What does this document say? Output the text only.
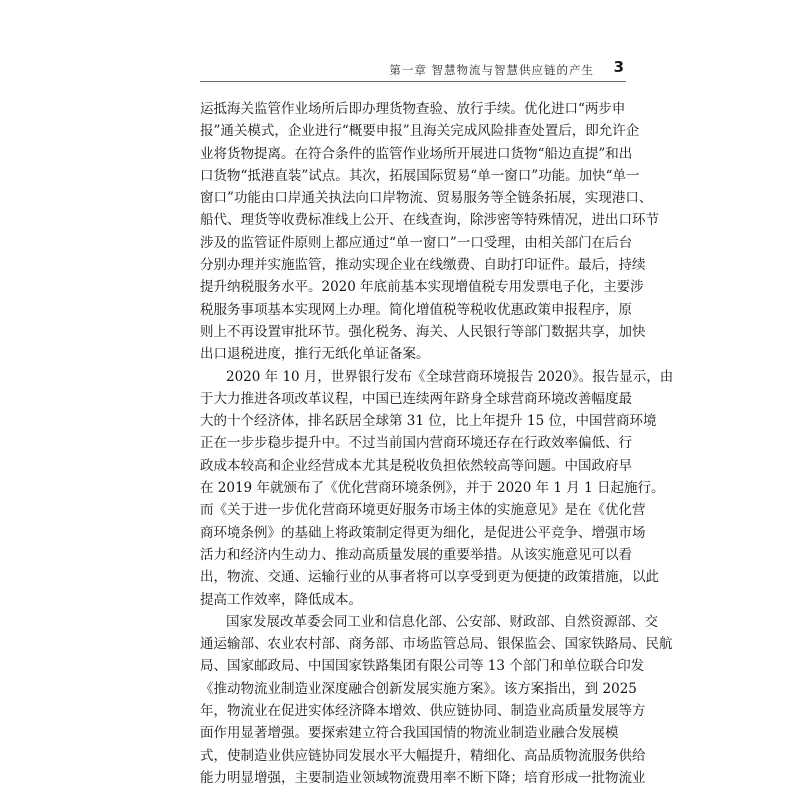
第一章 智慧物流与智慧供应链的产生 3
运抵海关监管作业场所后即办理货物查验、放行手续。优化进口“两步申
报”通关模式，企业进行“概要申报”且海关完成风险排查处置后，即允许企
业将货物提离。在符合条件的监管作业场所开展进口货物“船边直提”和出
口货物“抵港直装”试点。其次，拓展国际贸易“单一窗口”功能。加快“单一
窗口”功能由口岸通关执法向口岸物流、贸易服务等全链条拓展，实现港口、
船代、理货等收费标准线上公开、在线查询，除涉密等特殊情况，进出口环节
涉及的监管证件原则上都应通过“单一窗口”一口受理，由相关部门在后台
分别办理并实施监管，推动实现企业在线缴费、自助打印证件。最后，持续
提升纳税服务水平。2020 年底前基本实现增值税专用发票电子化，主要涉
税服务事项基本实现网上办理。简化增值税等税收优惠政策申报程序，原
则上不再设置审批环节。强化税务、海关、人民银行等部门数据共享，加快
出口退税进度，推行无纸化单证备案。
2020 年 10 月，世界银行发布《全球营商环境报告 2020》。报告显示，由
于大力推进各项改革议程，中国已连续两年跻身全球营商环境改善幅度最
大的十个经济体，排名跃居全球第 31 位，比上年提升 15 位，中国营商环境
正在一步步稳步提升中。不过当前国内营商环境还存在行政效率偏低、行
政成本较高和企业经营成本尤其是税收负担依然较高等问题。中国政府早
在 2019 年就颁布了《优化营商环境条例》，并于 2020 年 1 月 1 日起施行。
而《关于进一步优化营商环境更好服务市场主体的实施意见》是在《优化营
商环境条例》的基础上将政策制定得更为细化，是促进公平竞争、增强市场
活力和经济内生动力、推动高质量发展的重要举措。从该实施意见可以看
出，物流、交通、运输行业的从事者将可以享受到更为便捷的政策措施，以此
提高工作效率，降低成本。
国家发展改革委会同工业和信息化部、公安部、财政部、自然资源部、交
通运输部、农业农村部、商务部、市场监管总局、银保监会、国家铁路局、民航
局、国家邮政局、中国国家铁路集团有限公司等 13 个部门和单位联合印发
《推动物流业制造业深度融合创新发展实施方案》。该方案指出，到 2025
年，物流业在促进实体经济降本增效、供应链协同、制造业高质量发展等方
面作用显著增强。要探索建立符合我国国情的物流业制造业融合发展模
式，使制造业供应链协同发展水平大幅提升，精细化、高品质物流服务供给
能力明显增强，主要制造业领域物流费用率不断下降；培育形成一批物流业
